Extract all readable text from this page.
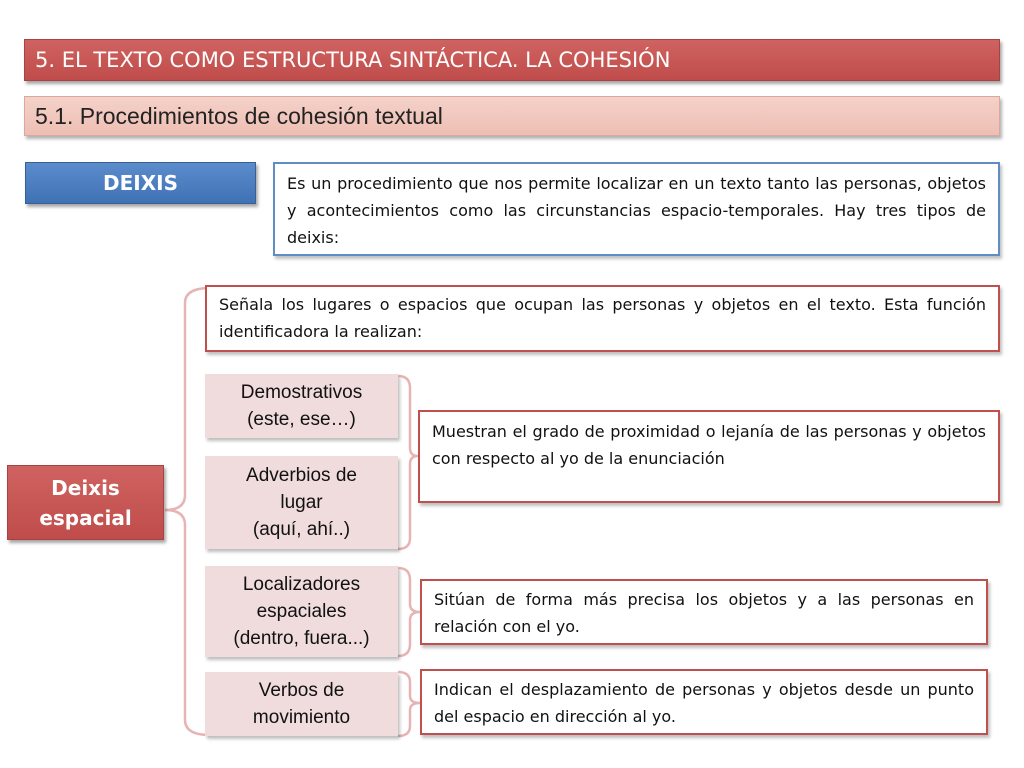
5. EL TEXTO COMO ESTRUCTURA SINTÁCTICA. LA COHESIÓN
5.1. Procedimientos de cohesión textual
DEIXIS	Es un procedimiento que nos permite localizar en un texto tanto las personas, objetos y acontecimientos como las circunstancias espacio-temporales. Hay tres tipos de deixis:
Deixis
espacial
Señala los lugares o espacios que ocupan las personas y objetos en el texto. Esta función identificadora la realizan:
Demostrativos
(este, ese…)
Adverbios de
lugar
(aquí, ahí..)
Localizadores
espaciales
(dentro, fuera...)
Verbos de
movimiento
Muestran el grado de proximidad o lejanía de las personas y objetos con respecto al yo de la enunciación
Sitúan de forma más precisa los objetos y a las personas en relación con el yo.
Indican el desplazamiento de personas y objetos desde un punto del espacio en dirección al yo.
